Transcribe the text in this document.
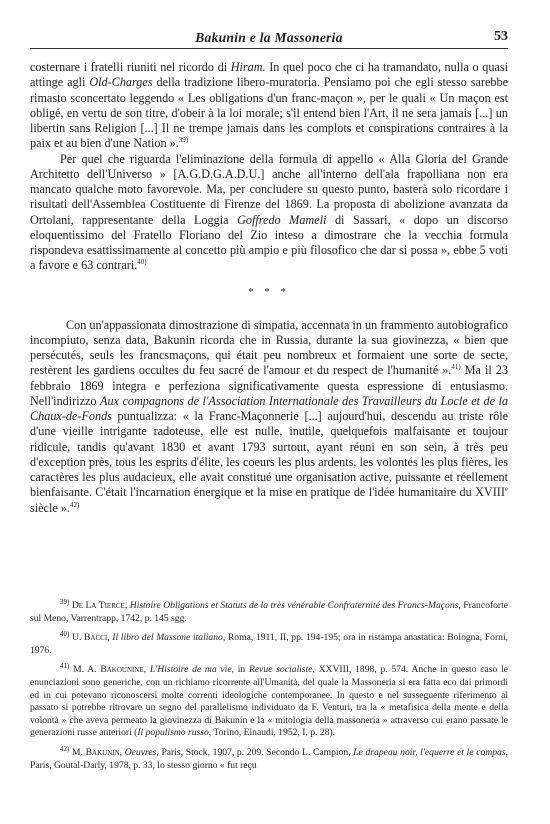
Bakunin e la Massoneria	53

costernare i fratelli riuniti nel ricordo di Hiram. In quel poco che ci ha tramandato, nulla o quasi attinge agli Old-Charges della tradizione libero-muratoria. Pensiamo poi che egli stesso sarebbe rimasto sconcertato leggendo « Les obligations d'un franc-maçon », per le quali « Un maçon est obligé, en vertu de son titre, d'obeir à la loi morale; s'il entend bien l'Art, il ne sera jamais [...] un libertin sans Religion [...] Il ne trempe jamais dans les complots et conspirations contraires à la paix et au bien d'une Nation ».$^{39)}$

Per quel che riguarda l'eliminazione della formula di appello « Alla Gloria del Grande Architetto dell'Universo » [A.G.D.G.A.D.U.] anche all'interno dell'ala frapolliana non era mancato qualche moto favorevole. Ma, per concludere su questo punto, basterà solo ricordare i risultati dell'Assemblea Costituente di Firenze del 1869. La proposta di abolizione avanzata da Ortolani, rappresentante della Loggia Goffredo Mameli di Sassari, « dopo un discorso eloquentissimo del Fratello Floriano del Zio inteso a dimostrare che la vecchia formula rispondeva esattissimamente al concetto più ampio e più filosofico che dar si possa », ebbe 5 voti a favore e 63 contrari.$^{40)}$

* * *

Con un'appassionata dimostrazione di simpatia, accennata in un frammento autobiografico incompiuto, senza data, Bakunin ricorda che in Russia, durante la sua giovinezza, « bien que persécutés, seuls les francsmaçons, qui était peu nombreux et formaient une sorte de secte, restèrent les gardiens occultes du feu sacré de l'amour et du respect de l'humanité ».$^{41)}$ Ma il 23 febbraio 1869 integra e perfeziona significativamente questa espressione di entusiasmo. Nell'indirizzo Aux compagnons de l'Association Internationale des Travailleurs du Locle et de la Chaux-de-Fonds puntualizza: « la Franc-Maçonnerie [...] aujourd'hui, descendu au triste rôle d'une vieille intrigante radoteuse, elle est nulle, inutile, quelquefois malfaisante et toujour ridicule, tandis qu'avant 1830 et avant 1793 surtout, ayant réuni en son sein, à très peu d'exception près, tous les esprits d'élite, les coeurs les plus ardents, les volontés les plus fières, les caractères les plus audacieux, elle avait constitué une organisation active, puissante et réellement bienfaisante. C'était l'incarnation énergique et la mise en pratique de l'idée humanitaire du XVIIIe siècle ».$^{42)}$

$^{39)}$ De La Tierce, Histoire Obligations et Statuts de la très vénérable Confraternité des Francs-Maçons, Francoforte sul Meno, Varrentrapp, 1742, p. 145 sgg.

$^{40)}$ U. Bacci, Il libro del Massone italiano, Roma, 1911, II, pp. 194-195; ora in ristampa anastatica: Bologna, Forni, 1976.

$^{41)}$ M. A. Bakounine, L'Histoire de ma vie, in Revue socialiste, XXVIII, 1898, p. 574. Anche in questo caso le enunciazioni sono generiche, con un richiamo ricorrente all'Umanità, del quale la Massoneria si era fatta eco dai primordi ed in cui potevano riconoscersi molte correnti ideologiche contemporanee. In questo e nel susseguente riferimento al passato si potrebbe ritrovare un segno del parallelismo individuato da F. Venturi, tra la « metafisica della mente e della volontà » che aveva permeato la giovinezza di Bakunin e la « mitologia della massoneria » attraverso cui erano passate le generazioni russe anteriori (Il populismo russo, Torino, Einaudi, 1952, I, p. 28).

$^{42)}$ M. Bakunin, Oeuvres, Paris, Stock, 1907, p. 209. Secondo L. Campion, Le drapeau noir, l'equerre et le compas, Paris, Goutal-Darly, 1978, p. 33, lo stesso giorno « fut reçu
